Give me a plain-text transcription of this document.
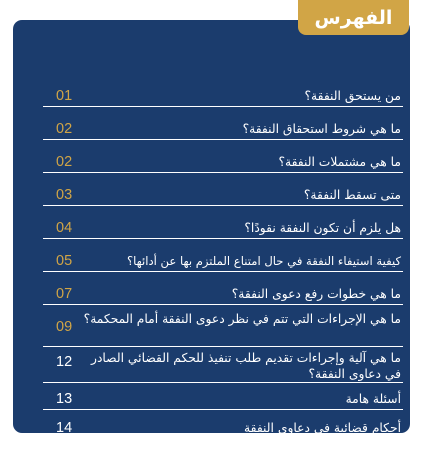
من يستحق النفقة؟
01
ما هي شروط استحقاق النفقة؟
02
ما هي مشتملات النفقة؟
02
متى تسقط النفقة؟
03
هل يلزم أن تكون النفقة نقودًا؟
04
كيفية استيفاء النفقة في حال امتناع الملتزم بها عن أدائها؟
05
ما هي خطوات رفع دعوى النفقة؟
07
ما هي الإجراءات التي تتم في نظر دعوى النفقة أمام المحكمة؟
09
ما هي آلية وإجراءات تقديم طلب تنفيذ للحكم القضائي الصادر في دعاوى النفقة؟
12
أسئلة هامة
13
أحكام قضائية في دعاوى النفقة
14
الفهرس
